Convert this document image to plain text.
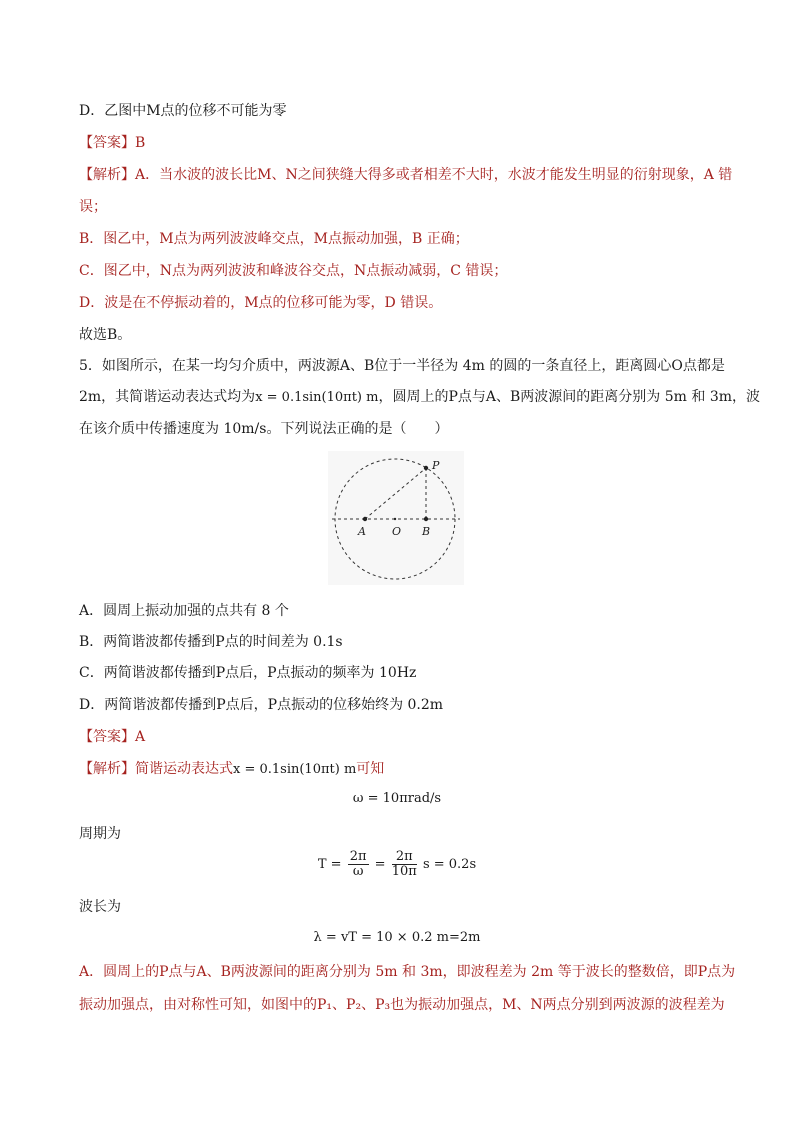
D．乙图中M点的位移不可能为零
【答案】B
【解析】A．当水波的波长比M、N之间狭缝大得多或者相差不大时，水波才能发生明显的衍射现象，A 错
误；
B．图乙中，M点为两列波波峰交点，M点振动加强，B 正确；
C．图乙中，N点为两列波波和峰波谷交点，N点振动减弱，C 错误；
D．波是在不停振动着的，M点的位移可能为零，D 错误。
故选B。
5．如图所示，在某一均匀介质中，两波源A、B位于一半径为 4m 的圆的一条直径上，距离圆心O点都是
2m，其简谐运动表达式均为x = 0.1sin(10πt) m，圆周上的P点与A、B两波源间的距离分别为 5m 和 3m，波
在该介质中传播速度为 10m/s。下列说法正确的是（　　）
P
A O B
A．圆周上振动加强的点共有 8 个
B．两简谐波都传播到P点的时间差为 0.1s
C．两简谐波都传播到P点后，P点振动的频率为 10Hz
D．两简谐波都传播到P点后，P点振动的位移始终为 0.2m
【答案】A
【解析】简谐运动表达式x = 0.1sin(10πt) m可知
ω = 10πrad/s
周期为
$T = \frac{2\pi}{\omega} = \frac{2\pi}{10\pi}$ s = 0.2s
波长为
λ = vT = 10 × 0.2 m=2m
A．圆周上的P点与A、B两波源间的距离分别为 5m 和 3m，即波程差为 2m 等于波长的整数倍，即P点为
振动加强点，由对称性可知，如图中的P₁、P₂、P₃也为振动加强点，M、N两点分别到两波源的波程差为
